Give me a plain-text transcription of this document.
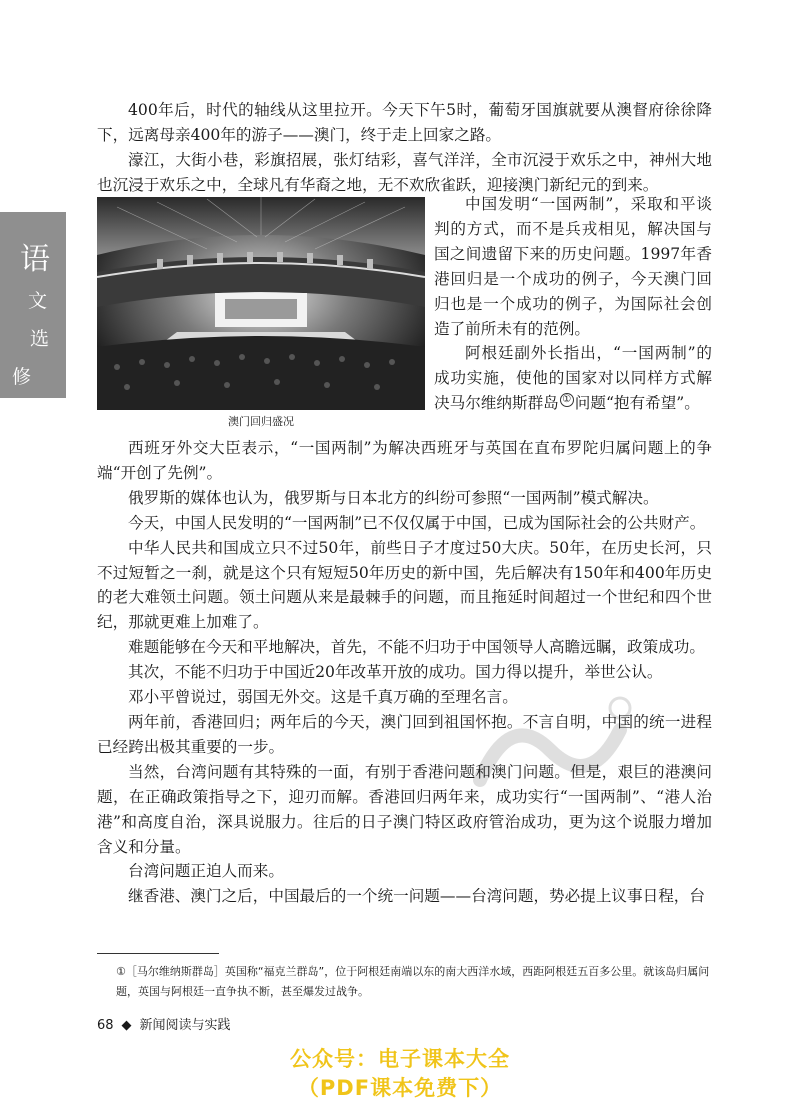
语
文
选
修

400年后，时代的轴线从这里拉开。今天下午5时，葡萄牙国旗就要从澳督府徐徐降下，远离母亲400年的游子——澳门，终于走上回家之路。

濠江，大街小巷，彩旗招展，张灯结彩，喜气洋洋，全市沉浸于欢乐之中，神州大地也沉浸于欢乐之中，全球凡有华裔之地，无不欢欣雀跃，迎接澳门新纪元的到来。

澳门回归盛况

中国发明“一国两制”，采取和平谈判的方式，而不是兵戎相见，解决国与国之间遗留下来的历史问题。1997年香港回归是一个成功的例子，今天澳门回归也是一个成功的例子，为国际社会创造了前所未有的范例。

阿根廷副外长指出，“一国两制”的成功实施，使他的国家对以同样方式解决马尔维纳斯群岛 ① 问题“抱有希望”。

西班牙外交大臣表示，“一国两制”为解决西班牙与英国在直布罗陀归属问题上的争端“开创了先例”。

俄罗斯的媒体也认为，俄罗斯与日本北方的纠纷可参照“一国两制”模式解决。

今天，中国人民发明的“一国两制”已不仅仅属于中国，已成为国际社会的公共财产。

中华人民共和国成立只不过50年，前些日子才度过50大庆。50年，在历史长河，只不过短暂之一刹，就是这个只有短短50年历史的新中国，先后解决有150年和400年历史的老大难领土问题。领土问题从来是最棘手的问题，而且拖延时间超过一个世纪和四个世纪，那就更难上加难了。

难题能够在今天和平地解决，首先，不能不归功于中国领导人高瞻远瞩，政策成功。

其次，不能不归功于中国近20年改革开放的成功。国力得以提升，举世公认。

邓小平曾说过，弱国无外交。这是千真万确的至理名言。

两年前，香港回归；两年后的今天，澳门回到祖国怀抱。不言自明，中国的统一进程已经跨出极其重要的一步。

当然，台湾问题有其特殊的一面，有别于香港问题和澳门问题。但是，艰巨的港澳问题，在正确政策指导之下，迎刃而解。香港回归两年来，成功实行“一国两制”、“港人治港”和高度自治，深具说服力。往后的日子澳门特区政府管治成功，更为这个说服力增加含义和分量。

台湾问题正迫人而来。

继香港、澳门之后，中国最后的一个统一问题——台湾问题，势必提上议事日程，台

①［马尔维纳斯群岛］英国称“福克兰群岛”，位于阿根廷南端以东的南大西洋水域，西距阿根廷五百多公里。就该岛归属问题，英国与阿根廷一直争执不断，甚至爆发过战争。
68 ◆ 新闻阅读与实践
公众号：电子课本大全
（PDF课本免费下）
